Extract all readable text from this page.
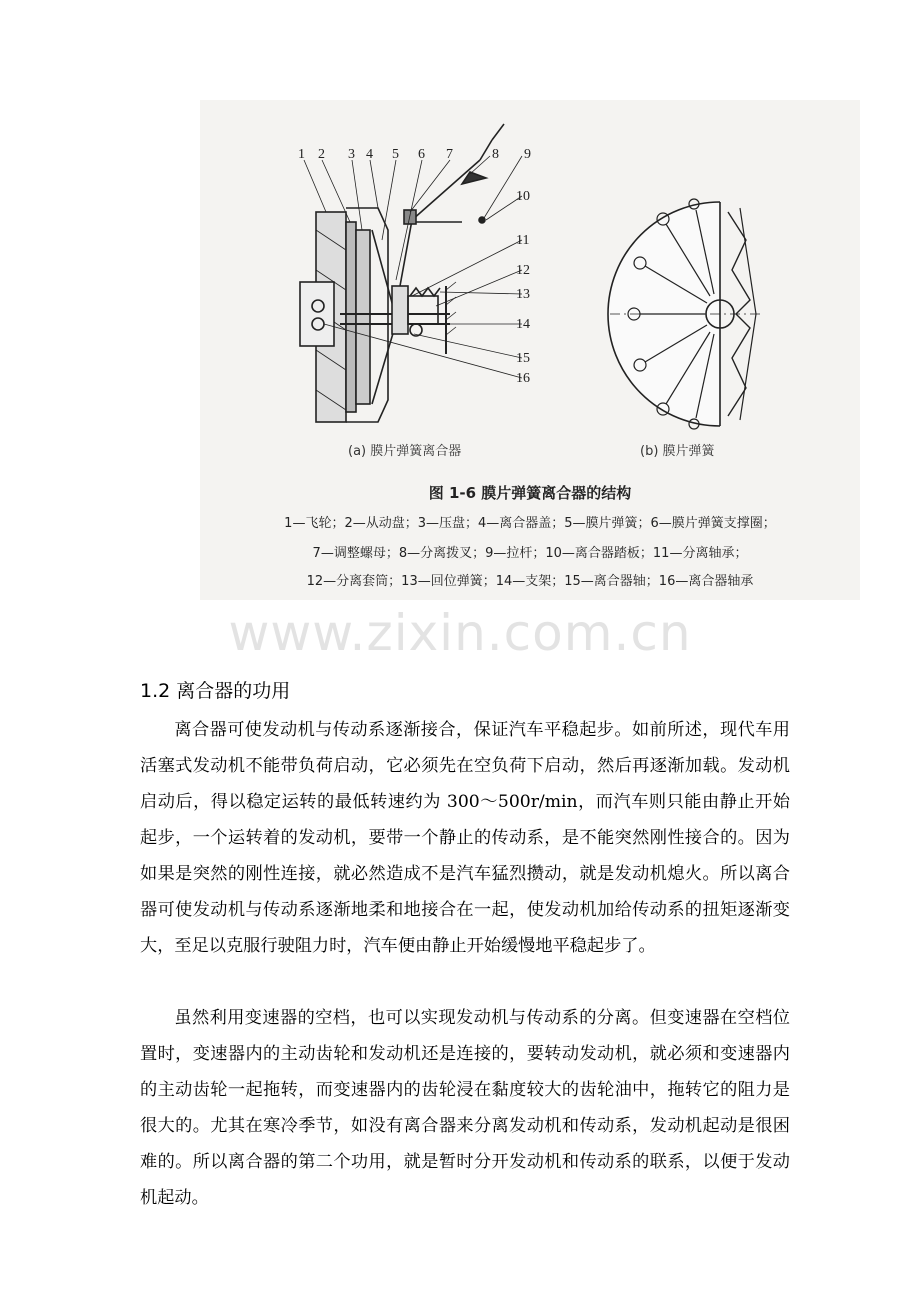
1 2 3 4 5 6 7	8 9
10
11
12
13
14
15
16
(a) 膜片弹簧离合器	(b) 膜片弹簧
图 1-6 膜片弹簧离合器的结构
1—飞轮；2—从动盘；3—压盘；4—离合器盖；5—膜片弹簧；6—膜片弹簧支撑圈；
7—调整螺母；8—分离拨叉；9—拉杆；10—离合器踏板；11—分离轴承；
12—分离套筒；13—回位弹簧；14—支架；15—离合器轴；16—离合器轴承
www.zixin.com.cn
1.2 离合器的功用

离合器可使发动机与传动系逐渐接合，保证汽车平稳起步。如前所述，现代车用活塞式发动机不能带负荷启动，它必须先在空负荷下启动，然后再逐渐加载。发动机启动后，得以稳定运转的最低转速约为 300～500r/min，而汽车则只能由静止开始起步，一个运转着的发动机，要带一个静止的传动系，是不能突然刚性接合的。因为如果是突然的刚性连接，就必然造成不是汽车猛烈攒动，就是发动机熄火。所以离合器可使发动机与传动系逐渐地柔和地接合在一起，使发动机加给传动系的扭矩逐渐变大，至足以克服行驶阻力时，汽车便由静止开始缓慢地平稳起步了。

虽然利用变速器的空档，也可以实现发动机与传动系的分离。但变速器在空档位置时，变速器内的主动齿轮和发动机还是连接的，要转动发动机，就必须和变速器内的主动齿轮一起拖转，而变速器内的齿轮浸在黏度较大的齿轮油中，拖转它的阻力是很大的。尤其在寒冷季节，如没有离合器来分离发动机和传动系，发动机起动是很困难的。所以离合器的第二个功用，就是暂时分开发动机和传动系的联系，以便于发动机起动。
